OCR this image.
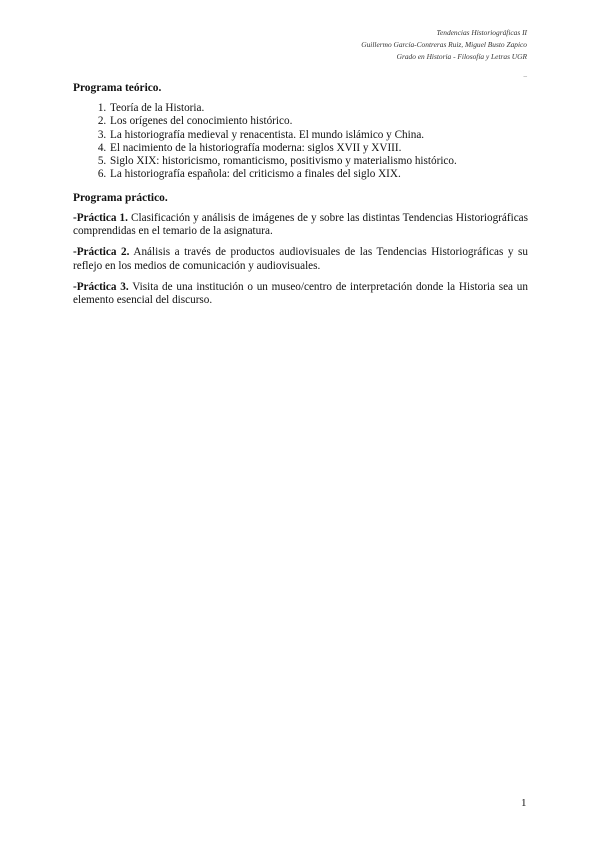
Tendencias Historiográficas II
Guillermo García-Contreras Ruiz, Miguel Busto Zapico
Grado en Historia - Filosofía y Letras UGR
_
Programa teórico.
1. Teoría de la Historia.
2. Los orígenes del conocimiento histórico.
3. La historiografía medieval y renacentista. El mundo islámico y China.
4. El nacimiento de la historiografía moderna: siglos XVII y XVIII.
5. Siglo XIX: historicismo, romanticismo, positivismo y materialismo histórico.
6. La historiografía española: del criticismo a finales del siglo XIX.
Programa práctico.

-Práctica 1. Clasificación y análisis de imágenes de y sobre las distintas Tendencias Historiográficas comprendidas en el temario de la asignatura.

-Práctica 2. Análisis a través de productos audiovisuales de las Tendencias Historiográficas y su reflejo en los medios de comunicación y audiovisuales.

-Práctica 3. Visita de una institución o un museo/centro de interpretación donde la Historia sea un elemento esencial del discurso.

1
